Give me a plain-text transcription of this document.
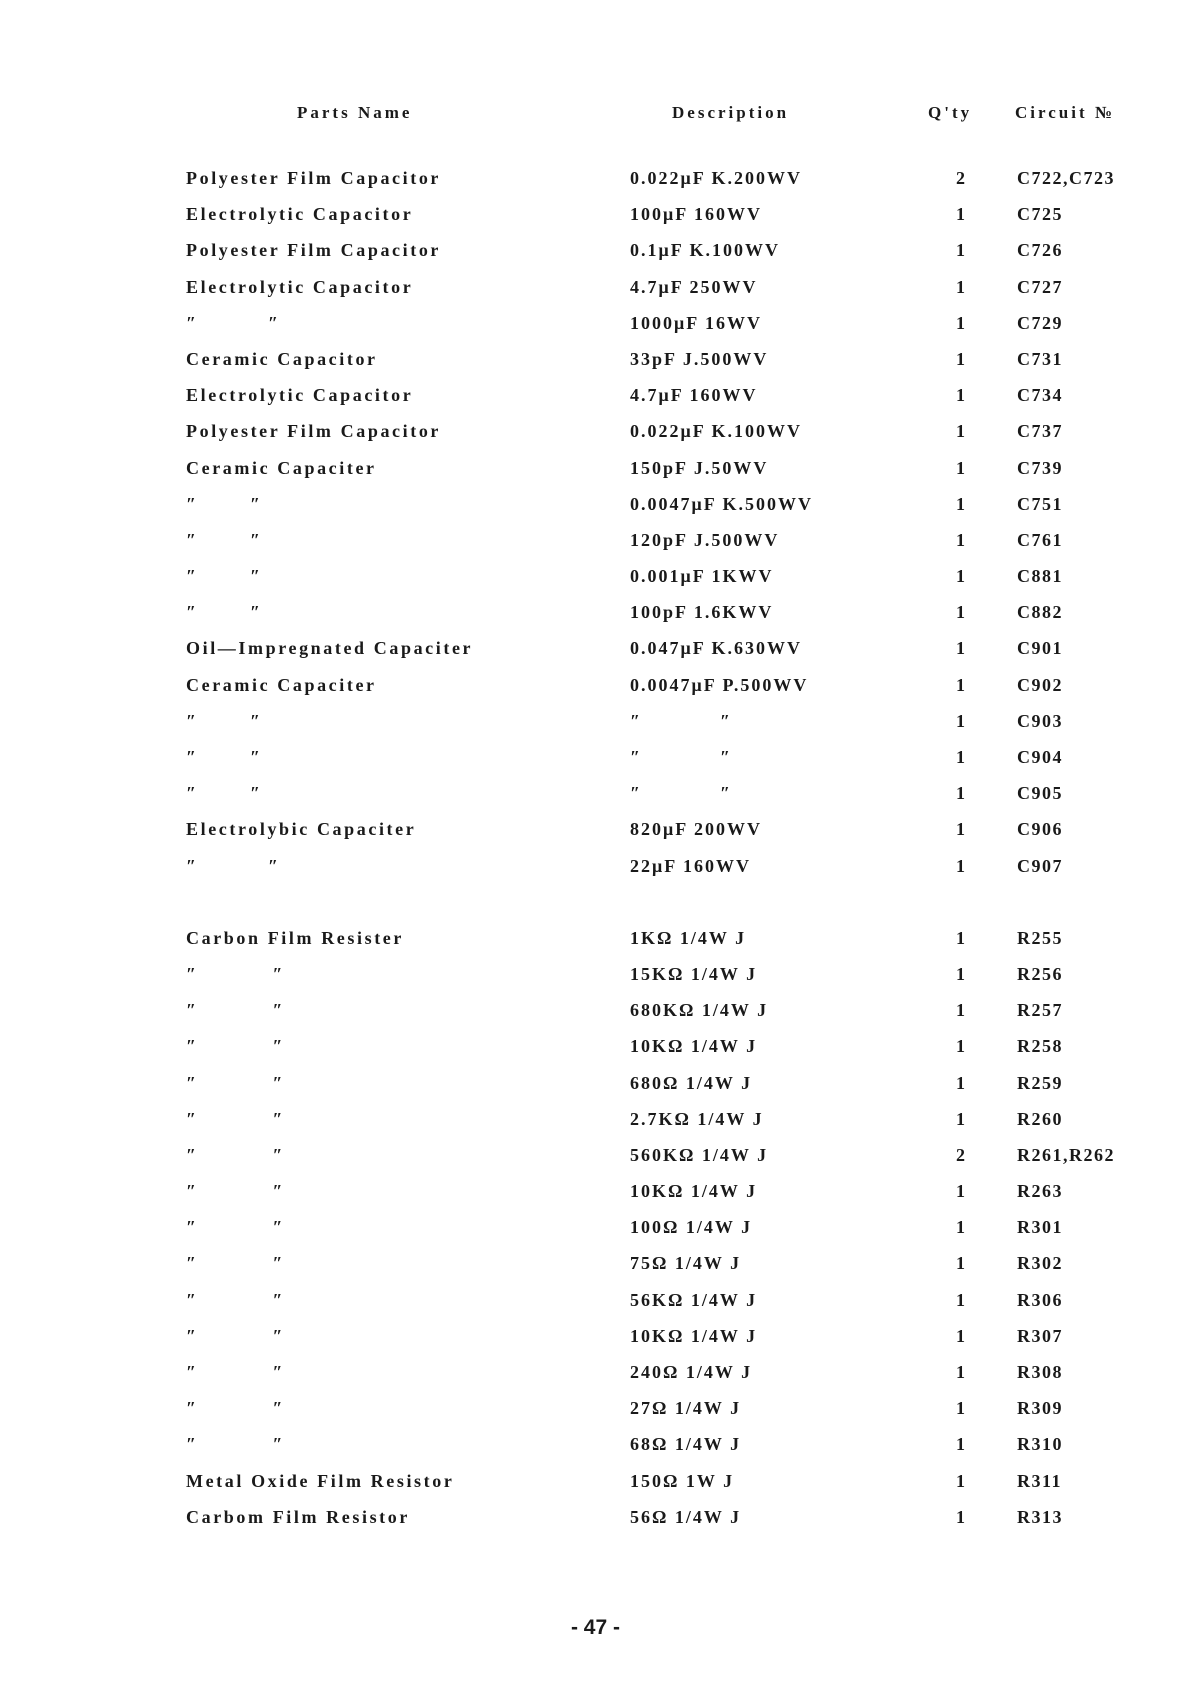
Parts Name	Description	Q'ty	Circuit №
Polyester Film Capacitor	0.022μF K.200WV	2	C722,C723
Electrolytic Capacitor	100μF 160WV	1	C725
Polyester Film Capacitor	0.1μF K.100WV	1	C726
Electrolytic Capacitor	4.7μF 250WV	1	C727
″                ″	1000μF 16WV	1	C729
Ceramic Capacitor	33pF J.500WV	1	C731
Electrolytic Capacitor	4.7μF 160WV	1	C734
Polyester Film Capacitor	0.022μF K.100WV	1	C737
Ceramic Capaciter	150pF J.50WV	1	C739
″            ″	0.0047μF K.500WV	1	C751
″            ″	120pF J.500WV	1	C761
″            ″	0.001μF 1KWV	1	C881
″            ″	100pF 1.6KWV	1	C882
Oil—Impregnated Capaciter	0.047μF K.630WV	1	C901
Ceramic Capaciter	0.0047μF P.500WV	1	C902
″            ″	″            ″	1	C903
″            ″	″            ″	1	C904
″            ″	″            ″	1	C905
Electrolybic Capaciter	820μF 200WV	1	C906
″                ″	22μF 160WV	1	C907
Carbon Film Resister	1KΩ 1/4W J	1	R255
″                 ″	15KΩ 1/4W J	1	R256
″                 ″	680KΩ 1/4W J	1	R257
″                 ″	10KΩ 1/4W J	1	R258
″                 ″	680Ω 1/4W J	1	R259
″                 ″	2.7KΩ 1/4W J	1	R260
″                 ″	560KΩ 1/4W J	2	R261,R262
″                 ″	10KΩ 1/4W J	1	R263
″                 ″	100Ω 1/4W J	1	R301
″                 ″	75Ω 1/4W J	1	R302
″                 ″	56KΩ 1/4W J	1	R306
″                 ″	10KΩ 1/4W J	1	R307
″                 ″	240Ω 1/4W J	1	R308
″                 ″	27Ω 1/4W J	1	R309
″                 ″	68Ω 1/4W J	1	R310
Metal Oxide Film Resistor	150Ω 1W J	1	R311
Carbom Film Resistor	56Ω 1/4W J	1	R313
- 47 -
